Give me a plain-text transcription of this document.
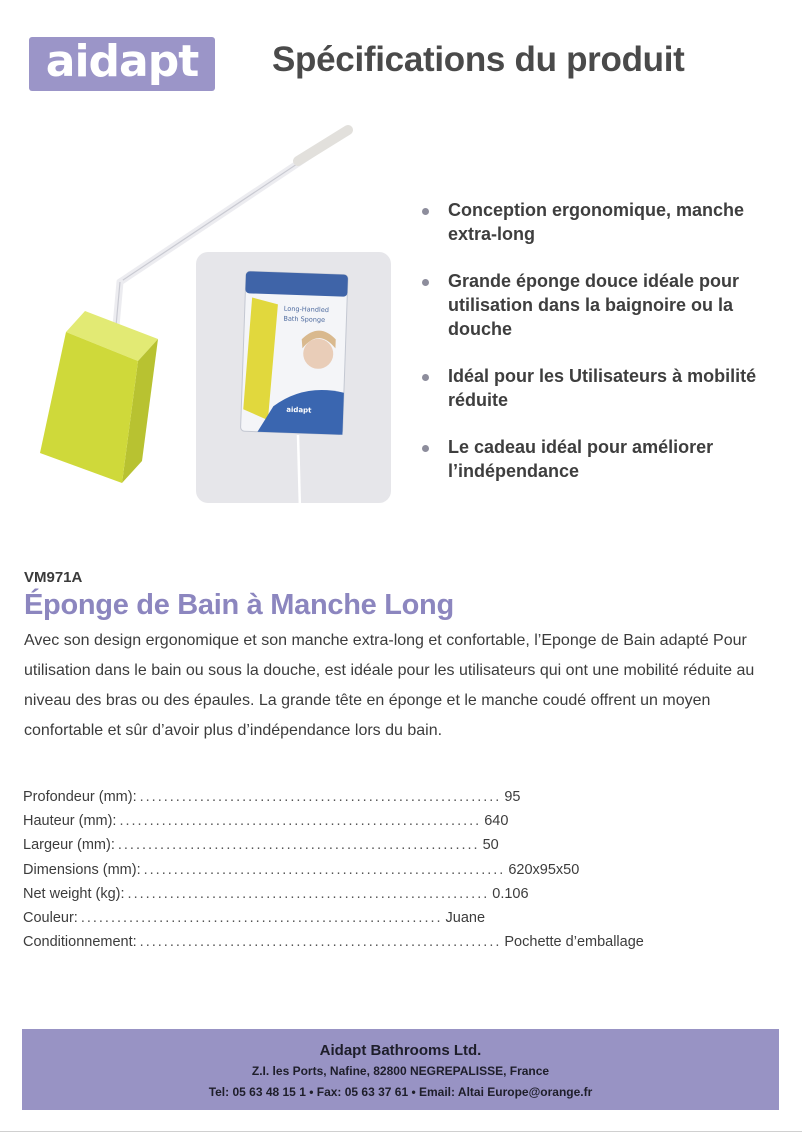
aidapt Spécifications du produit
Long-Handled
Bath Sponge
aidapt
Conception ergonomique, manche extra-long
Grande éponge douce idéale pour utilisation dans la baignoire ou la douche
Idéal pour les Utilisateurs à mobilité réduite
Le cadeau idéal pour améliorer l’indépendance
VM971A
Éponge de Bain à Manche Long
Avec son design ergonomique et son manche extra-long et confortable, l’Eponge de Bain adapté Pour utilisation dans le bain ou sous la douche, est idéale pour les utilisateurs qui ont une mobilité réduite au niveau des bras ou des épaules. La grande tête en éponge et le manche coudé offrent un moyen confortable et sûr d’avoir plus d’indépendance lors du bain.
Profondeur (mm): ............................................................ 95
Hauteur (mm): ............................................................ 640
Largeur (mm): ............................................................ 50
Dimensions (mm): ............................................................ 620x95x50
Net weight (kg): ............................................................ 0.106
Couleur: ............................................................ Juane
Conditionnement: ............................................................ Pochette d’emballage
Aidapt Bathrooms Ltd.
Z.I. les Ports, Nafine, 82800 NEGREPALISSE, France
Tel: 05 63 48 15 1 • Fax: 05 63 37 61 • Email: Altai Europe@orange.fr
